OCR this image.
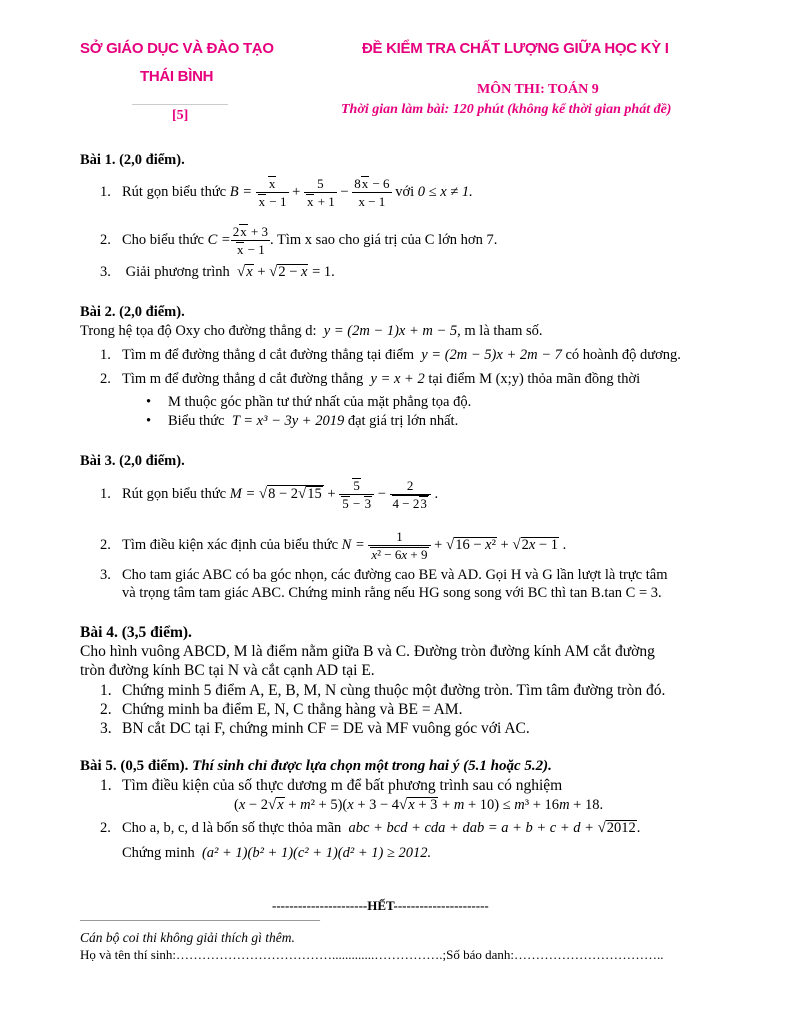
SỞ GIÁO DỤC VÀ ĐÀO TẠO
THÁI BÌNH
[5]
ĐỀ KIỂM TRA CHẤT LƯỢNG GIỮA HỌC KỲ I
MÔN THI: TOÁN 9
Thời gian làm bài: 120 phút (không kể thời gian phát đề)
Bài 1. (2,0 điểm).
1. Rút gọn biểu thức
B =
$\frac{x}{x - 1} + \frac{5}{x + 1} - \frac{8x - 6}{x - 1}$
với
0 ≤ x ≠ 1.
2. Cho biểu thức
$C = \frac{2x + 3}{x - 1}$ . Tìm x sao cho giá trị của C lớn hơn 7.
3. Giải phương trình √x + √2 − x = 1.
Bài 2. (2,0 điểm).
Trong hệ tọa độ Oxy cho đường thẳng d: y = (2m − 1)x + m − 5, m là tham số.
1. Tìm m để đường thẳng d cắt đường thẳng tại điểm y = (2m − 5)x + 2m − 7 có hoành độ dương.
2. Tìm m để đường thẳng d cắt đường thẳng y = x + 2 tại điểm M (x;y) thỏa mãn đồng thời
• M thuộc góc phần tư thứ nhất của mặt phẳng tọa độ.
• Biểu thức T = x³ − 3y + 2019 đạt giá trị lớn nhất.
Bài 3. (2,0 điểm).
1. Rút gọn biểu thức
M =
√ $8 - 2√15 + \frac{5}{5 - 3} - \frac{2}{4 - 23}$ .
2. Tìm điều kiện xác định của biểu thức
N =
$\frac{1}{\text{x² − 6x + 9}}$ + √ 16 − x² + √ 2x − 1 .
3. Cho tam giác ABC có ba góc nhọn, các đường cao BE và AD. Gọi H và G lần lượt là trực tâm
và trọng tâm tam giác ABC. Chứng minh rằng nếu HG song song với BC thì tan B.tan C = 3.
Bài 4. (3,5 điểm).
Cho hình vuông ABCD, M là điểm nằm giữa B và C. Đường tròn đường kính AM cắt đường
tròn đường kính BC tại N và cắt cạnh AD tại E.
1. Chứng minh 5 điểm A, E, B, M, N cùng thuộc một đường tròn. Tìm tâm đường tròn đó.
2. Chứng minh ba điểm E, N, C thẳng hàng và BE = AM.
3. BN cắt DC tại F, chứng minh CF = DE và MF vuông góc với AC.
Bài 5. (0,5 điểm). Thí sinh chỉ được lựa chọn một trong hai ý (5.1 hoặc 5.2).
1. Tìm điều kiện của số thực dương m để bất phương trình sau có nghiệm
(x − 2√x + m² + 5)(x + 3 − 4√x + 3 + m + 10) ≤ m³ + 16m + 18.
2. Cho a, b, c, d là bốn số thực thỏa mãn abc + bcd + cda + dab = a + b + c + d + √2012.
Chứng minh (a² + 1)(b² + 1)(c² + 1)(d² + 1) ≥ 2012.
----------------------HẾT----------------------
________________________________________
Cán bộ coi thi không giải thích gì thêm.
Họ và tên thí sinh:……………………………….............…………….;Số báo danh:……………………………..
